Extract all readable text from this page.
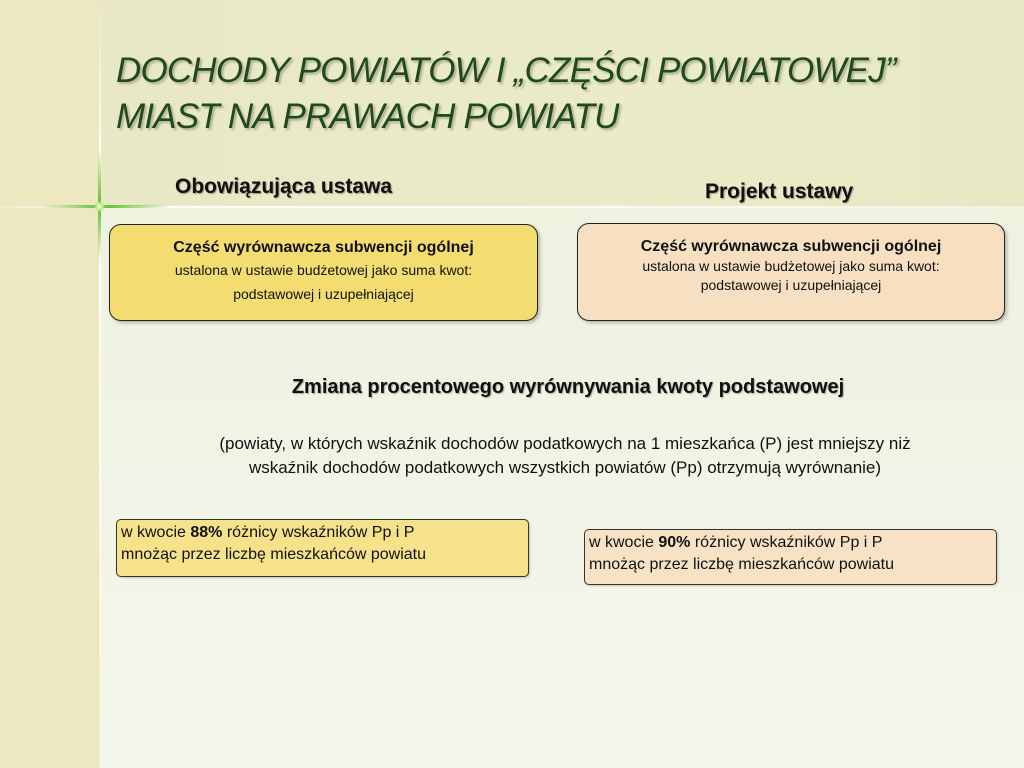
DOCHODY POWIATÓW I „CZĘŚCI POWIATOWEJ”
MIAST NA PRAWACH POWIATU
Obowiązująca ustawa	Projekt ustawy
Część wyrównawcza subwencji ogólnej
ustalona w ustawie budżetowej jako suma kwot:
podstawowej i uzupełniającej
Część wyrównawcza subwencji ogólnej
ustalona w ustawie budżetowej jako suma kwot:
podstawowej i uzupełniającej
Zmiana procentowego wyrównywania kwoty podstawowej
(powiaty, w których wskaźnik dochodów podatkowych na 1 mieszkańca (P) jest mniejszy niż
wskaźnik dochodów podatkowych wszystkich powiatów (Pp) otrzymują wyrównanie)
w kwocie 88% różnicy wskaźników Pp i P
mnożąc przez liczbę mieszkańców powiatu
w kwocie 90% różnicy wskaźników Pp i P
mnożąc przez liczbę mieszkańców powiatu
